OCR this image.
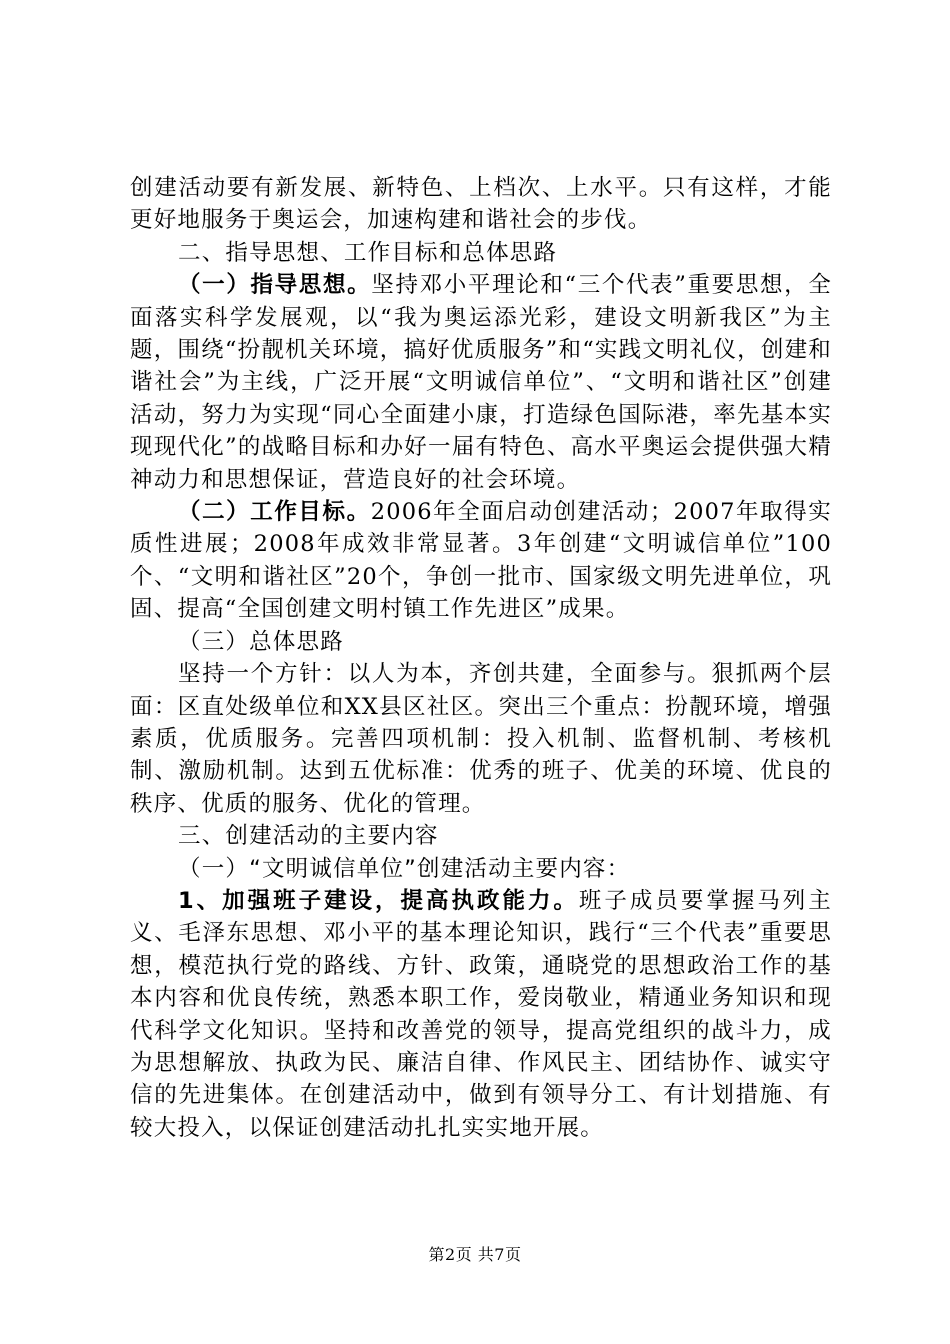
创建活动要有新发展、新特色、上档次、上水平。只有这样，才能更好地服务于奥运会，加速构建和谐社会的步伐。

二、指导思想、工作目标和总体思路

（一）指导思想。坚持邓小平理论和“三个代表”重要思想，全面落实科学发展观，以“我为奥运添光彩，建设文明新我区”为主题，围绕“扮靓机关环境，搞好优质服务”和“实践文明礼仪，创建和谐社会”为主线，广泛开展“文明诚信单位”、“文明和谐社区”创建活动，努力为实现“同心全面建小康，打造绿色国际港，率先基本实现现代化”的战略目标和办好一届有特色、高水平奥运会提供强大精神动力和思想保证，营造良好的社会环境。

（二）工作目标。2006年全面启动创建活动；2007年取得实质性进展；2008年成效非常显著。3年创建“文明诚信单位”100个、“文明和谐社区”20个，争创一批市、国家级文明先进单位，巩固、提高“全国创建文明村镇工作先进区”成果。

（三）总体思路

坚持一个方针：以人为本，齐创共建，全面参与。狠抓两个层面：区直处级单位和XX县区社区。突出三个重点：扮靓环境，增强素质，优质服务。完善四项机制：投入机制、监督机制、考核机制、激励机制。达到五优标准：优秀的班子、优美的环境、优良的秩序、优质的服务、优化的管理。

三、创建活动的主要内容

（一）“文明诚信单位”创建活动主要内容：

1、加强班子建设，提高执政能力。班子成员要掌握马列主义、毛泽东思想、邓小平的基本理论知识，践行“三个代表”重要思想，模范执行党的路线、方针、政策，通晓党的思想政治工作的基本内容和优良传统，熟悉本职工作，爱岗敬业，精通业务知识和现代科学文化知识。坚持和改善党的领导，提高党组织的战斗力，成为思想解放、执政为民、廉洁自律、作风民主、团结协作、诚实守信的先进集体。在创建活动中，做到有领导分工、有计划措施、有较大投入，以保证创建活动扎扎实实地开展。

第2页 共7页
